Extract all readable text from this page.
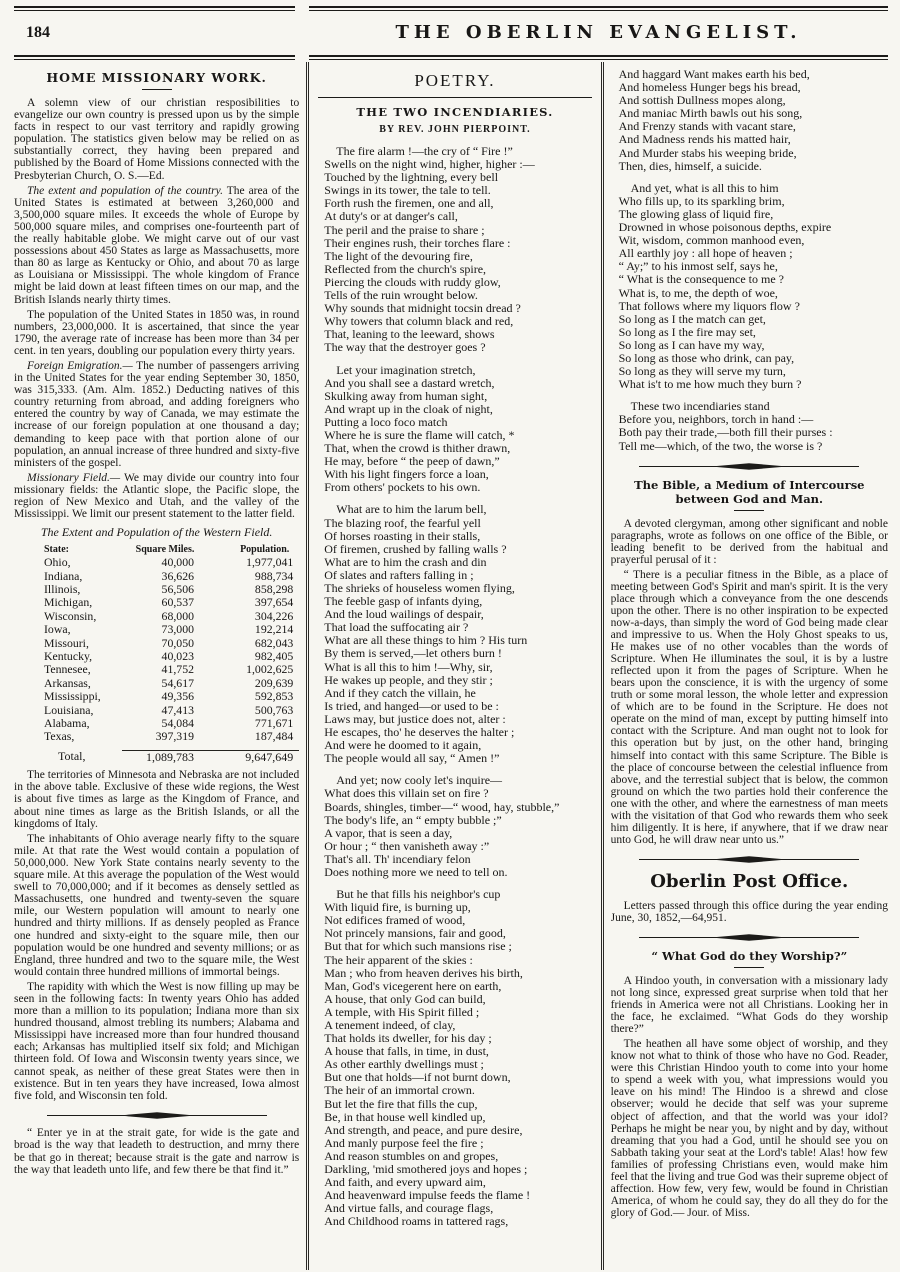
184	THE OBERLIN EVANGELIST.
HOME MISSIONARY WORK.

A solemn view of our christian resposibilities to evangelize our own country is pressed upon us by the simple facts in respect to our vast territory and rapidly growing population. The statistics given below may be relied on as substantially correct, they having been prepared and published by the Board of Home Missions connected with the Presbyterian Church, O. S.—Ed.

The extent and population of the country. The area of the United States is estimated at between 3,260,000 and 3,500,000 square miles. It exceeds the whole of Europe by 500,000 square miles, and comprises one-fourteenth part of the really habitable globe. We might carve out of our vast possessions about 450 States as large as Massachusetts, more than 80 as large as Kentucky or Ohio, and about 70 as large as Louisiana or Mississippi. The whole kingdom of France might be laid down at least fifteen times on our map, and the British Islands nearly thirty times.

The population of the United States in 1850 was, in round numbers, 23,000,000. It is ascertained, that since the year 1790, the average rate of increase has been more than 34 per cent. in ten years, doubling our population every thirty years.

Foreign Emigration.— The number of passengers arriving in the United States for the year ending September 30, 1850, was 315,333. (Am. Alm. 1852.) Deducting natives of this country returning from abroad, and adding foreigners who entered the country by way of Canada, we may estimate the increase of our foreign population at one thousand a day; demanding to keep pace with that portion alone of our population, an annual increase of three hundred and sixty-five ministers of the gospel.

Missionary Field.— We may divide our country into four missionary fields: the Atlantic slope, the Pacific slope, the region of New Mexico and Utah, and the valley of the Mississippi. We limit our present statement to the latter field.

The Extent and Population of the Western Field.

State:	Square Miles.	Population.
Ohio,	40,000	1,977,041
Indiana,	36,626	988,734
Illinois,	56,506	858,298
Michigan,	60,537	397,654
Wisconsin,	68,000	304,226
Iowa,	73,000	192,214
Missouri,	70,050	682,043
Kentucky,	40,023	982,405
Tennesee,	41,752	1,002,625
Arkansas,	54,617	209,639
Mississippi,	49,356	592,853
Louisiana,	47,413	500,763
Alabama,	54,084	771,671
Texas,	397,319	187,484
Total,	1,089,783	9,647,649

The territories of Minnesota and Nebraska are not included in the above table. Exclusive of these wide regions, the West is about five times as large as the Kingdom of France, and about nine times as large as the British Islands, or all the kingdoms of Italy.

The inhabitants of Ohio average nearly fifty to the square mile. At that rate the West would contain a population of 50,000,000. New York State contains nearly seventy to the square mile. At this average the population of the West would swell to 70,000,000; and if it becomes as densely settled as Massachusetts, one hundred and twenty-seven the square mile, our Western population will amount to nearly one hundred and thirty millions. If as densely peopled as France one hundred and sixty-eight to the square mile, then our population would be one hundred and seventy millions; or as England, three hundred and two to the square mile, the West would contain three hundred millions of immortal beings.

The rapidity with which the West is now filling up may be seen in the following facts: In twenty years Ohio has added more than a million to its population; Indiana more than six hundred thousand, almost trebling its numbers; Alabama and Mississippi have increased more than four hundred thousand each; Arkansas has multiplied itself six fold; and Michigan thirteen fold. Of Iowa and Wisconsin twenty years since, we cannot speak, as neither of these great States were then in existence. But in ten years they have increased, Iowa almost five fold, and Wisconsin ten fold.

“ Enter ye in at the strait gate, for wide is the gate and broad is the way that leadeth to destruction, and mrny there be that go in thereat; because strait is the gate and narrow is the way that leadeth unto life, and few there be that find it.”

POETRY.
THE TWO INCENDIARIES.
BY REV. JOHN PIERPOINT.
The fire alarm !—the cry of “ Fire !”
Swells on the night wind, higher, higher :—
Touched by the lightning, every bell
Swings in its tower, the tale to tell.
Forth rush the firemen, one and all,
At duty's or at danger's call,
The peril and the praise to share ;
Their engines rush, their torches flare :
The light of the devouring fire,
Reflected from the church's spire,
Piercing the clouds with ruddy glow,
Tells of the ruin wrought below.
Why sounds that midnight tocsin dread ?
Why towers that column black and red,
That, leaning to the leeward, shows
The way that the destroyer goes ?
Let your imagination stretch,
And you shall see a dastard wretch,
Skulking away from human sight,
And wrapt up in the cloak of night,
Putting a loco foco match
Where he is sure the flame will catch, *
That, when the crowd is thither drawn,
He may, before “ the peep of dawn,”
With his light fingers force a loan,
From others' pockets to his own.
What are to him the larum bell,
The blazing roof, the fearful yell
Of horses roasting in their stalls,
Of firemen, crushed by falling walls ?
What are to him the crash and din
Of slates and rafters falling in ;
The shrieks of houseless women flying,
The feeble gasp of infants dying,
And the loud wailings of despair,
That load the suffocating air ?
What are all these things to him ? His turn
By them is served,—let others burn !
What is all this to him !—Why, sir,
He wakes up people, and they stir ;
And if they catch the villain, he
Is tried, and hanged—or used to be :
Laws may, but justice does not, alter :
He escapes, tho' he deserves the halter ;
And were he doomed to it again,
The people would all say, “ Amen !”
And yet; now cooly let's inquire—
What does this villain set on fire ?
Boards, shingles, timber—“ wood, hay, stubble,”
The body's life, an “ empty bubble ;”
A vapor, that is seen a day,
Or hour ; “ then vanisheth away :”
That's all. Th' incendiary felon
Does nothing more we need to tell on.
But he that fills his neighbor's cup
With liquid fire, is burning up,
Not edifices framed of wood,
Not princely mansions, fair and good,
But that for which such mansions rise ;
The heir apparent of the skies :
Man ; who from heaven derives his birth,
Man, God's vicegerent here on earth,
A house, that only God can build,
A temple, with His Spirit filled ;
A tenement indeed, of clay,
That holds its dweller, for his day ;
A house that falls, in time, in dust,
As other earthly dwellings must ;
But one that holds—if not burnt down,
The heir of an immortal crown.
But let the fire that fills the cup,
Be, in that house well kindled up,
And strength, and peace, and pure desire,
And manly purpose feel the fire ;
And reason stumbles on and gropes,
Darkling, 'mid smothered joys and hopes ;
And faith, and every upward aim,
And heavenward impulse feeds the flame !
And virtue falls, and courage flags,
And Childhood roams in tattered rags,
And haggard Want makes earth his bed,
And homeless Hunger begs his bread,
And sottish Dullness mopes along,
And maniac Mirth bawls out his song,
And Frenzy stands with vacant stare,
And Madness rends his matted hair,
And Murder stabs his weeping bride,
Then, dies, himself, a suicide.
And yet, what is all this to him
Who fills up, to its sparkling brim,
The glowing glass of liquid fire,
Drowned in whose poisonous depths, expire
Wit, wisdom, common manhood even,
All earthly joy : all hope of heaven ;
“ Ay;” to his inmost self, says he,
“ What is the consequence to me ?
What is, to me, the depth of woe,
That follows where my liquors flow ?
So long as I the match can get,
So long as I the fire may set,
So long as I can have my way,
So long as those who drink, can pay,
So long as they will serve my turn,
What is't to me how much they burn ?
These two incendiaries stand
Before you, neighbors, torch in hand :—
Both pay their trade,—both fill their purses :
Tell me—which, of the two, the worse is ?
The Bible, a Medium of Intercourse between God and Man.

A devoted clergyman, among other significant and noble paragraphs, wrote as follows on one office of the Bible, or leading benefit to be derived from the habitual and prayerful perusal of it :

“ There is a peculiar fitness in the Bible, as a place of meeting between God's Spirit and man's spirit. It is the very place through which a conveyance from the one descends upon the other. There is no other inspiration to be expected now-a-days, than simply the word of God being made clear and impressive to us. When the Holy Ghost speaks to us, He makes use of no other vocables than the words of Scripture. When He illuminates the soul, it is by a lustre reflected upon it from the pages of Scripture. When he bears upon the conscience, it is with the urgency of some truth or some moral lesson, the whole letter and expression of which are to be found in the Scripture. He does not operate on the mind of man, except by putting himself into contact with the Scripture. And man ought not to look for this operation but by just, on the other hand, bringing himself into contact with this same Scripture. The Bible is the place of concourse between the celestial influence from above, and the terrestial subject that is below, the common ground on which the two parties hold their conference the one with the other, and where the earnestness of man meets with the visitation of that God who rewards them who seek him diligently. It is here, if anywhere, that if we draw near unto God, he will draw near unto us.”

Oberlin Post Office.

Letters passed through this office during the year ending June, 30, 1852,—64,951.

“ What God do they Worship?”

A Hindoo youth, in conversation with a missionary lady not long since, expressed great surprise when told that her friends in America were not all Christians. Looking her in the face, he exclaimed. “What Gods do they worship there?”

The heathen all have some object of worship, and they know not what to think of those who have no God. Reader, were this Christian Hindoo youth to come into your home to spend a week with you, what impressions would you leave on his mind! The Hindoo is a shrewd and close observer; would he decide that self was your supreme object of affection, and that the world was your idol? Perhaps he might be near you, by night and by day, without dreaming that you had a God, until he should see you on Sabbath taking your seat at the Lord's table! Alas! how few families of professing Christians even, would make him feel that the living and true God was their supreme object of affection. How few, very few, would be found in Christian America, of whom he could say, they do all they do for the glory of God.— Jour. of Miss.
